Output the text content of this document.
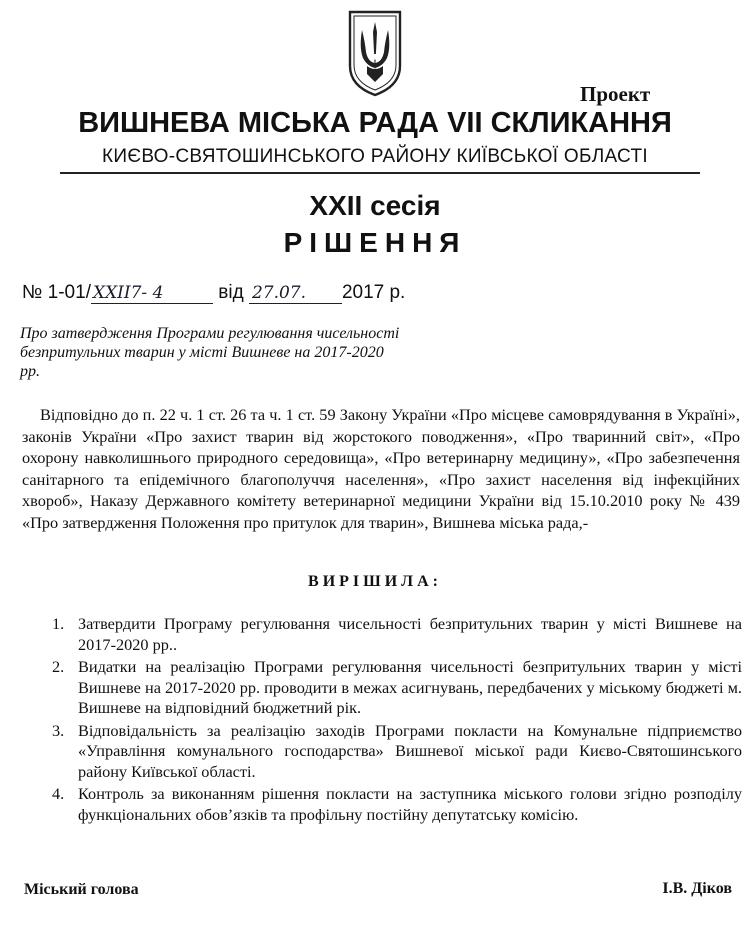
Проект
ВИШНЕВА МІСЬКА РАДА VII СКЛИКАННЯ
КИЄВО-СВЯТОШИНСЬКОГО РАЙОНУ КИЇВСЬКОЇ ОБЛАСТІ
XXII сесія
РІШЕННЯ
№ 1-01/ XXII7- 4	від 27.07. 2017 р.
Про затвердження Програми регулювання чисельності безпритульних тварин у місті Вишневе на 2017-2020 рр.
Відповідно до п. 22 ч. 1 ст. 26 та ч. 1 ст. 59 Закону України «Про місцеве самоврядування в Україні», законів України «Про захист тварин від жорстокого поводження», «Про тваринний світ», «Про охорону навколишнього природного середовища», «Про ветеринарну медицину», «Про забезпечення санітарного та епідемічного благополуччя населення», «Про захист населення від інфекційних хвороб», Наказу Державного комітету ветеринарної медицини України від 15.10.2010 року № 439 «Про затвердження Положення про притулок для тварин», Вишнева міська рада,-
ВИРІШИЛА:
1. Затвердити Програму регулювання чисельності безпритульних тварин у місті Вишневе на 2017-2020 рр..
2. Видатки на реалізацію Програми регулювання чисельності безпритульних тварин у місті Вишневе на 2017-2020 рр. проводити в межах асигнувань, передбачених у міському бюджеті м. Вишневе на відповідний бюджетний рік.
3. Відповідальність за реалізацію заходів Програми покласти на Комунальне підприємство «Управління комунального господарства» Вишневої міської ради Києво-Святошинського району Київської області.
4. Контроль за виконанням рішення покласти на заступника міського голови згідно розподілу функціональних обов’язків та профільну постійну депутатську комісію.
Міський голова	І.В. Діков
